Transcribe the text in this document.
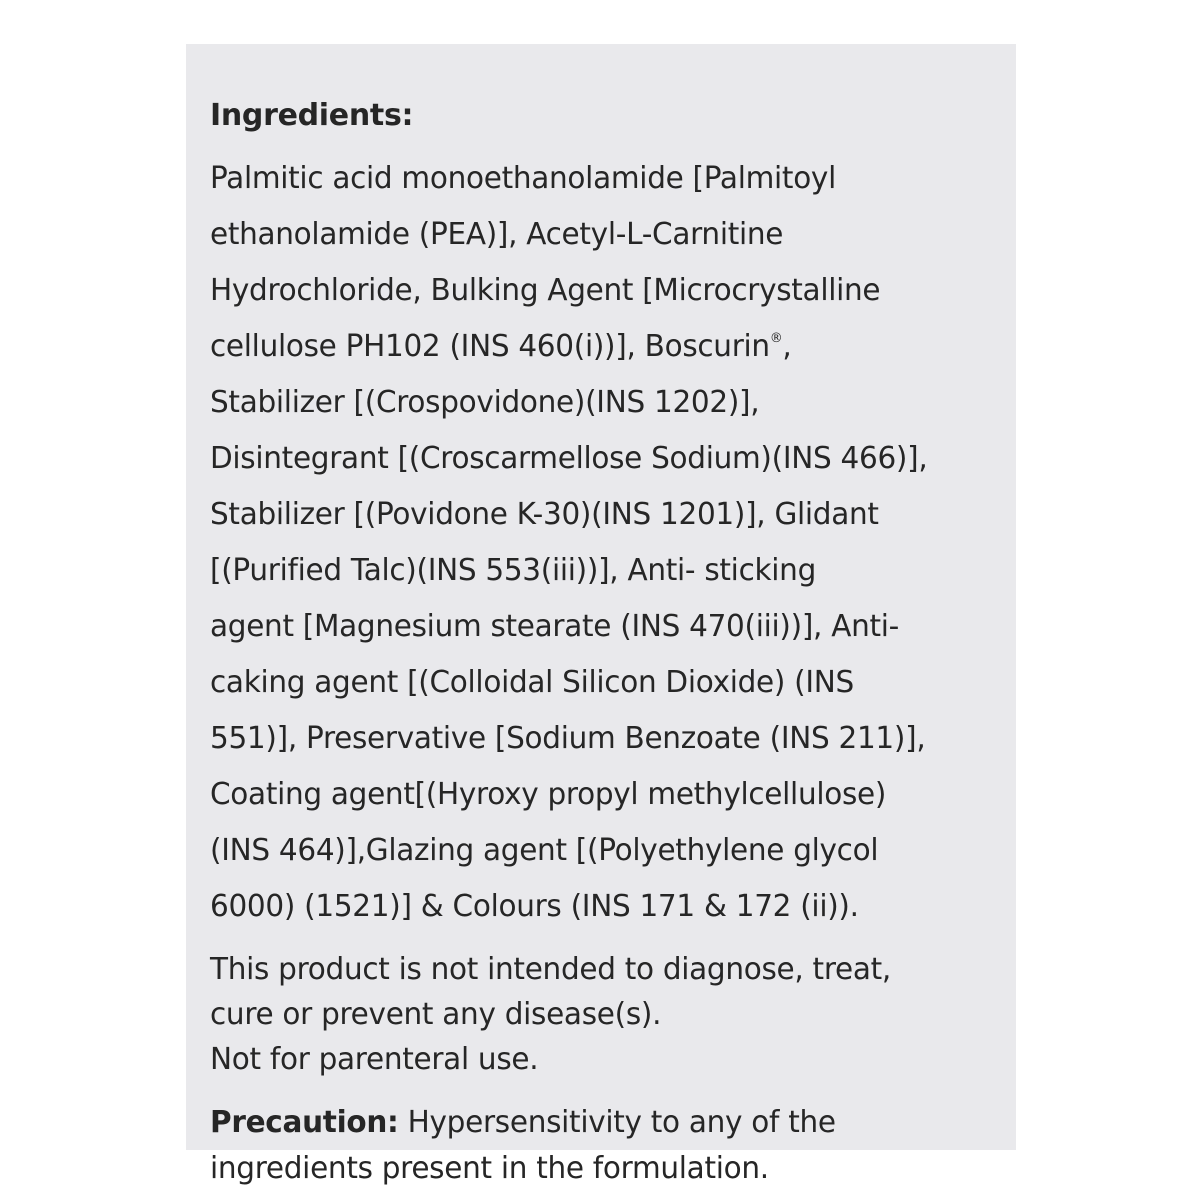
Ingredients:
Palmitic acid monoethanolamide [Palmitoyl
ethanolamide (PEA)], Acetyl-L-Carnitine
Hydrochloride, Bulking Agent [Microcrystalline
cellulose PH102 (INS 460(i))], Boscurin®,
Stabilizer [(Crospovidone)(INS 1202)],
Disintegrant [(Croscarmellose Sodium)(INS 466)],
Stabilizer [(Povidone K-30)(INS 1201)], Glidant
[(Purified Talc)(INS 553(iii))], Anti- sticking
agent [Magnesium stearate (INS 470(iii))], Anti-
caking agent [(Colloidal Silicon Dioxide) (INS
551)], Preservative [Sodium Benzoate (INS 211)],
Coating agent[(Hyroxy propyl methylcellulose)
(INS 464)],Glazing agent [(Polyethylene glycol
6000) (1521)] & Colours (INS 171 & 172 (ii)).
This product is not intended to diagnose, treat,
cure or prevent any disease(s).
Not for parenteral use.
Precaution: Hypersensitivity to any of the
ingredients present in the formulation.
